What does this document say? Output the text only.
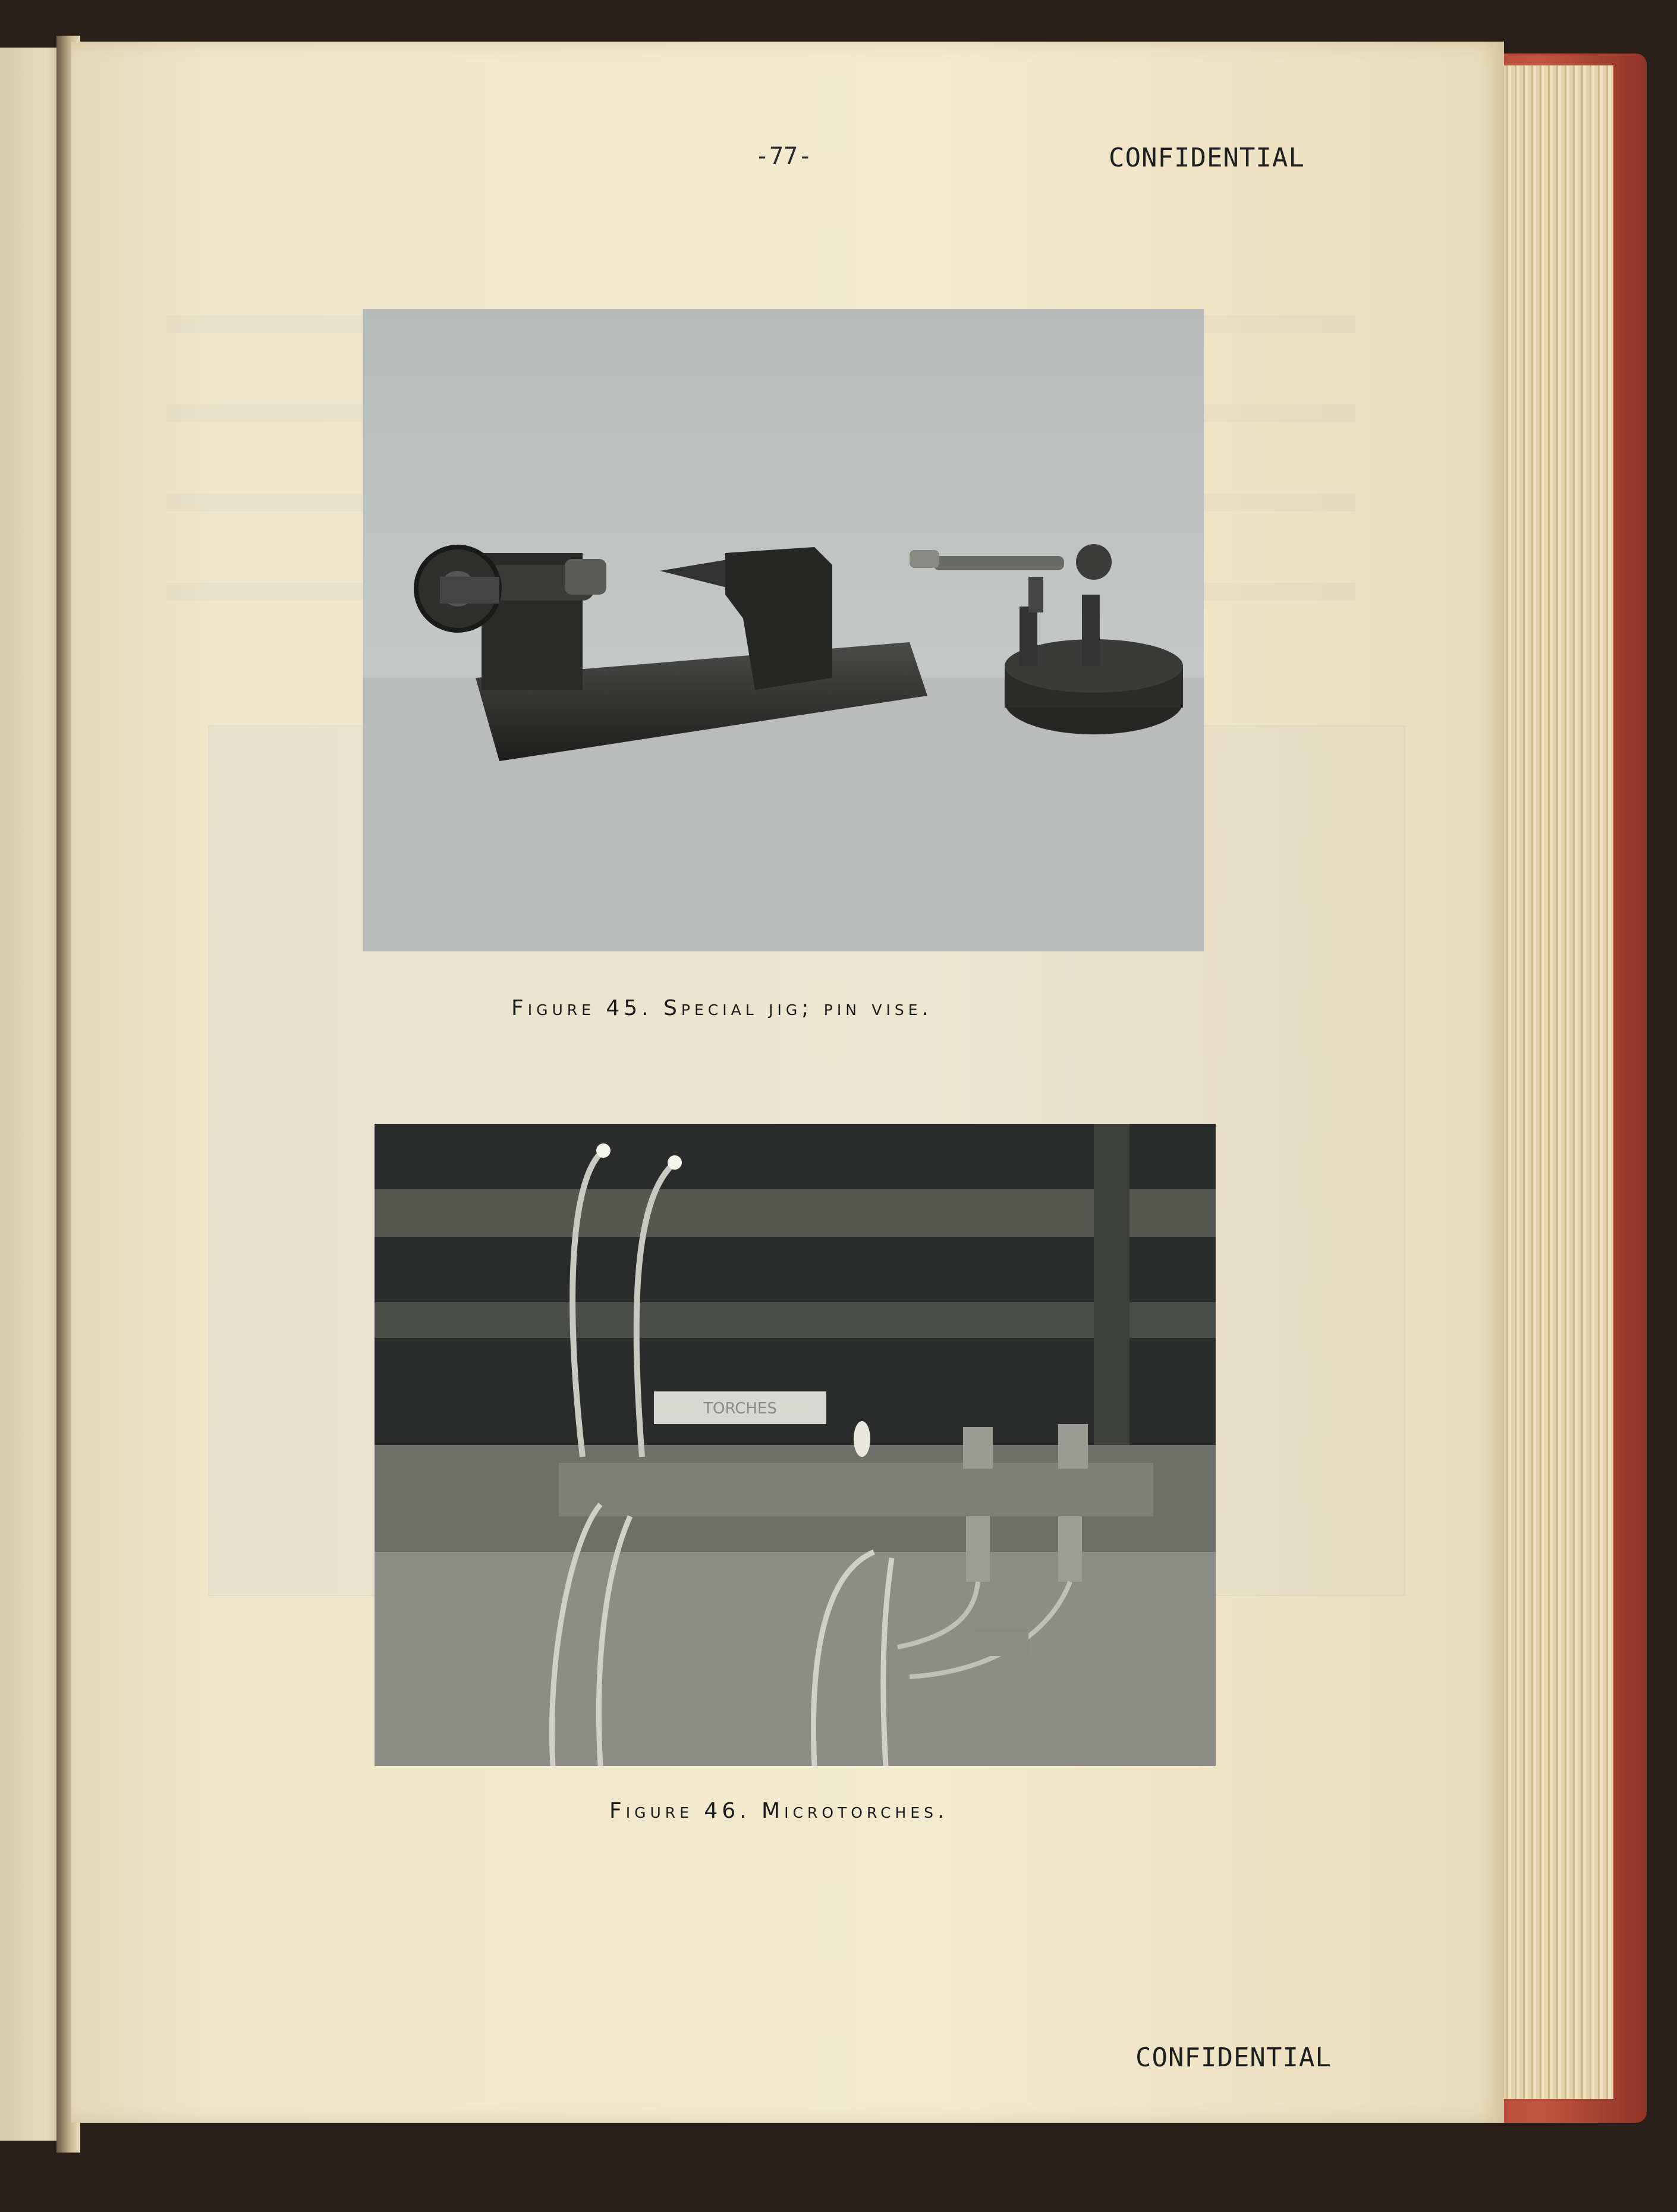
-77-	CONFIDENTIAL
Figure 45. Special jig; pin vise.
TORCHES
Figure 46. Microtorches.
CONFIDENTIAL
